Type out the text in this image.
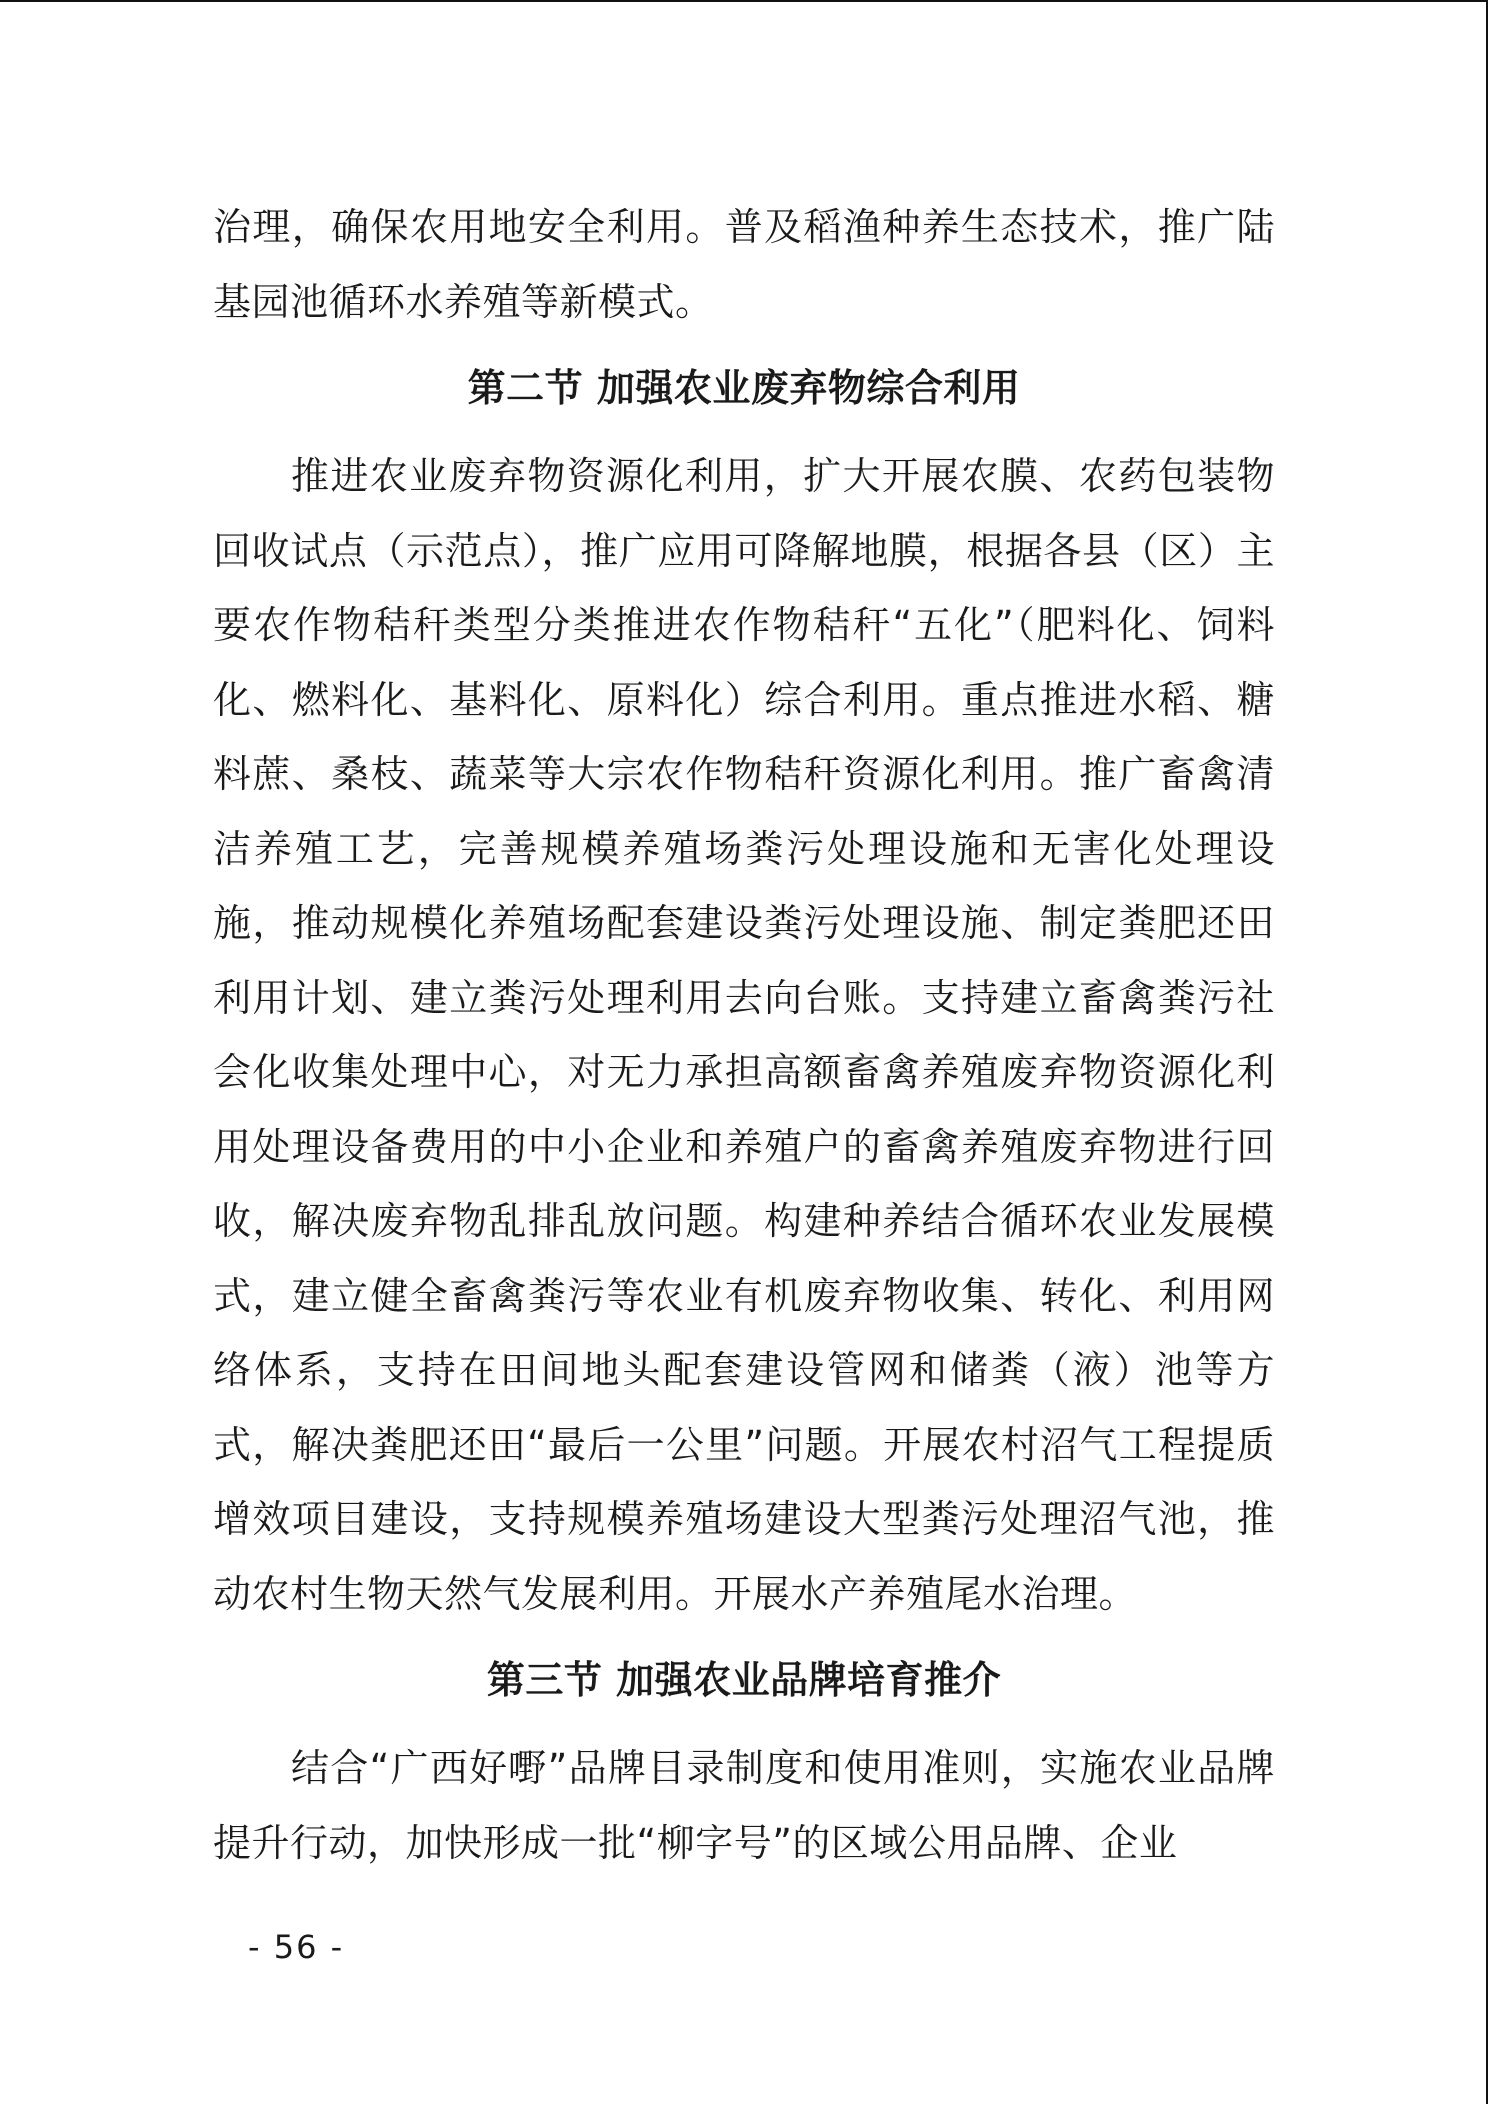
治理，确保农用地安全利用。普及稻渔种养生态技术，推广陆基园池循环水养殖等新模式。

第二节 加强农业废弃物综合利用

推进农业废弃物资源化利用，扩大开展农膜、农药包装物回收试点（示范点），推广应用可降解地膜，根据各县（区）主要农作物秸秆类型分类推进农作物秸秆“五化”（肥料化、饲料化、燃料化、基料化、原料化）综合利用。重点推进水稻、糖料蔗、桑枝、蔬菜等大宗农作物秸秆资源化利用。推广畜禽清洁养殖工艺，完善规模养殖场粪污处理设施和无害化处理设施，推动规模化养殖场配套建设粪污处理设施、制定粪肥还田利用计划、建立粪污处理利用去向台账。支持建立畜禽粪污社会化收集处理中心，对无力承担高额畜禽养殖废弃物资源化利用处理设备费用的中小企业和养殖户的畜禽养殖废弃物进行回收，解决废弃物乱排乱放问题。构建种养结合循环农业发展模式，建立健全畜禽粪污等农业有机废弃物收集、转化、利用网络体系，支持在田间地头配套建设管网和储粪（液）池等方式，解决粪肥还田“最后一公里”问题。开展农村沼气工程提质增效项目建设，支持规模养殖场建设大型粪污处理沼气池，推动农村生物天然气发展利用。开展水产养殖尾水治理。

第三节 加强农业品牌培育推介

结合“广西好嘢”品牌目录制度和使用准则，实施农业品牌提升行动，加快形成一批“柳字号”的区域公用品牌、企业

- 56 -
